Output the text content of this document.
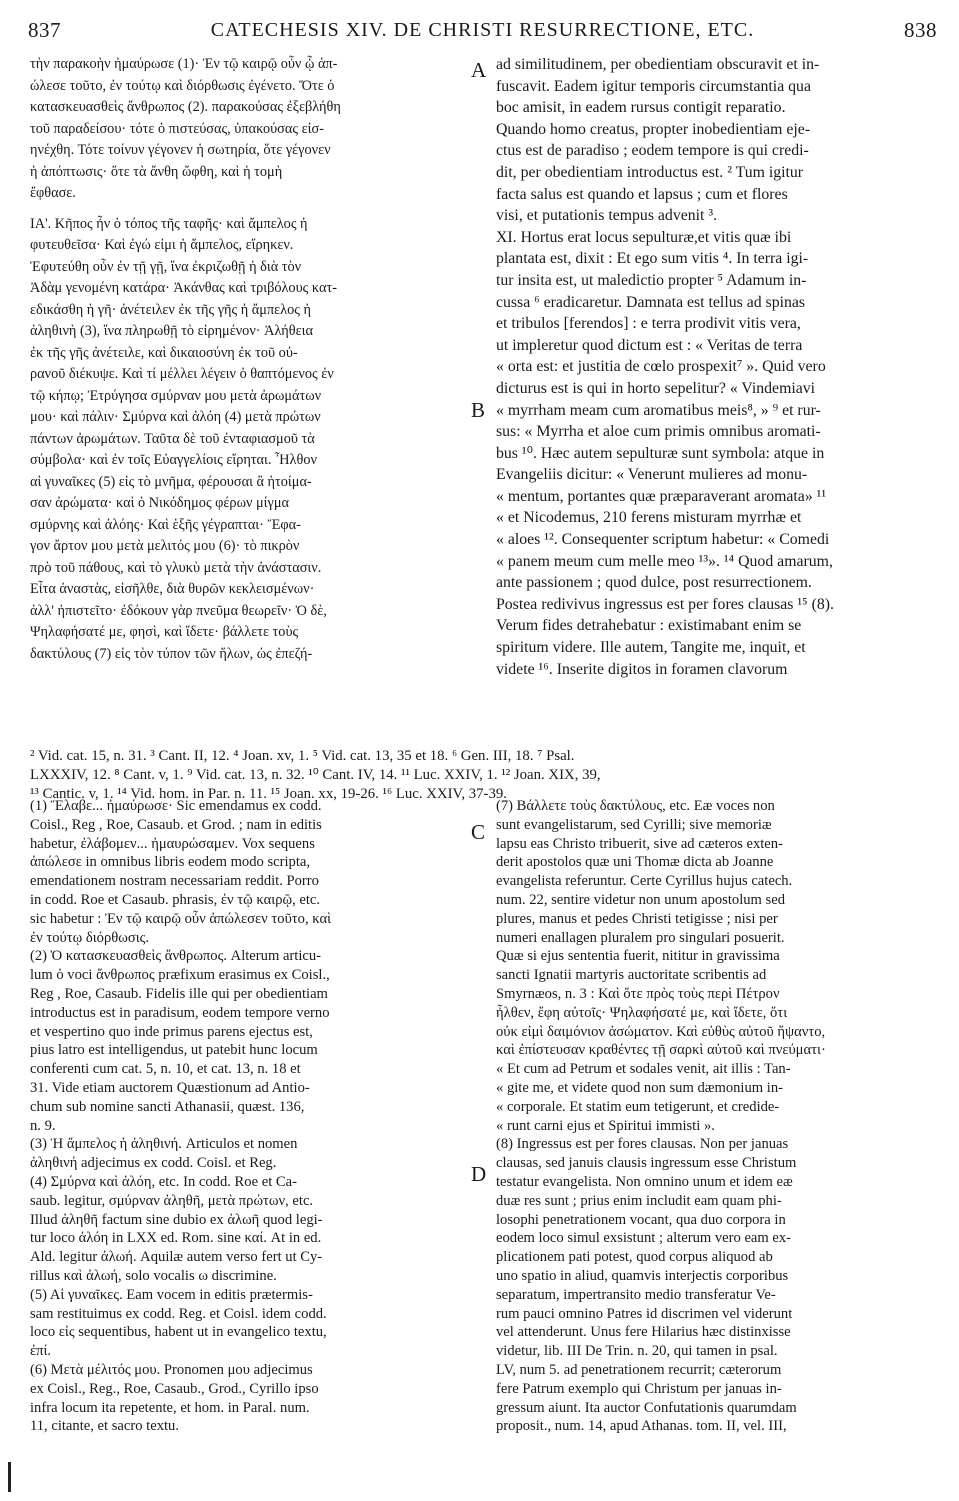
837	CATECHESIS XIV. DE CHRISTI RESURRECTIONE, ETC.	838
A
B
C
D
τὴν παρακοὴν ἠμαύρωσε (1)· Ἐν τῷ καιρῷ οὖν ᾧ ἀπ-
ώλεσε τοῦτο, ἐν τούτῳ καὶ διόρθωσις ἐγένετο. Ὅτε ὁ
κατασκευασθεὶς ἄνθρωπος (2). παρακούσας ἐξεβλήθη
τοῦ παραδείσου· τότε ὁ πιστεύσας, ὑπακούσας εἰσ-
ηνέχθη. Τότε τοίνυν γέγονεν ἡ σωτηρία, ὅτε γέγονεν
ἡ ἀπόπτωσις· ὅτε τὰ ἄνθη ὤφθη, καὶ ἡ τομὴ
ἔφθασε.
ΙΑ'. Κῆπος ἦν ὁ τόπος τῆς ταφῆς· καὶ ἄμπελος ἡ
φυτευθεῖσα· Καὶ ἐγώ εἰμι ἡ ἄμπελος, εἴρηκεν.
Ἐφυτεύθη οὖν ἐν τῇ γῇ, ἵνα ἐκριζωθῇ ἡ διὰ τὸν
Ἀδὰμ γενομένη κατάρα· Ἀκάνθας καὶ τριβόλους κατ-
εδικάσθη ἡ γῆ· ἀνέτειλεν ἐκ τῆς γῆς ἡ ἄμπελος ἡ
ἀληθινὴ (3), ἵνα πληρωθῇ τὸ εἰρημένον· Ἀλήθεια
ἐκ τῆς γῆς ἀνέτειλε, καὶ δικαιοσύνη ἐκ τοῦ οὐ-
ρανοῦ διέκυψε. Καὶ τί μέλλει λέγειν ὁ θαπτόμενος ἐν
τῷ κήπῳ; Ἐτρύγησα σμύρναν μου μετὰ ἀρωμάτων
μου· καὶ πάλιν· Σμύρνα καὶ ἀλόη (4) μετὰ πρώτων
πάντων ἀρωμάτων. Ταῦτα δὲ τοῦ ἐνταφιασμοῦ τὰ
σύμβολα· καὶ ἐν τοῖς Εὐαγγελίοις εἴρηται. Ἦλθον
αἱ γυναῖκες (5) εἰς τὸ μνῆμα, φέρουσαι ἃ ἡτοίμα-
σαν ἀρώματα· καὶ ὁ Νικόδημος φέρων μίγμα
σμύρνης καὶ ἀλόης· Καὶ ἑξῆς γέγραπται· Ἔφα-
γον ἄρτον μου μετὰ μελιτός μου (6)· τὸ πικρὸν
πρὸ τοῦ πάθους, καὶ τὸ γλυκὺ μετὰ τὴν ἀνάστασιν.
Εἶτα ἀναστὰς, εἰσῆλθε, διὰ θυρῶν κεκλεισμένων·
ἀλλ' ἠπιστεῖτο· ἐδόκουν γὰρ πνεῦμα θεωρεῖν· Ὁ δὲ,
Ψηλαφήσατέ με, φησὶ, καὶ ἴδετε· βάλλετε τοὺς
δακτύλους (7) εἰς τὸν τύπον τῶν ἥλων, ὡς ἐπεζή-
ad similitudinem, per obedientiam obscuravit et in-
fuscavit. Eadem igitur temporis circumstantia qua
boc amisit, in eadem rursus contigit reparatio.
Quando homo creatus, propter inobedientiam eje-
ctus est de paradiso ; eodem tempore is qui credi-
dit, per obedientiam introductus est. ² Tum igitur
facta salus est quando et lapsus ; cum et flores
visi, et putationis tempus advenit ³.
XI. Hortus erat locus sepulturæ,et vitis quæ ibi
plantata est, dixit : Et ego sum vitis ⁴. In terra igi-
tur insita est, ut maledictio propter ⁵ Adamum in-
cussa ⁶ eradicaretur. Damnata est tellus ad spinas
et tribulos [ferendos] : e terra prodivit vitis vera,
ut impleretur quod dictum est : « Veritas de terra
« orta est: et justitia de cœlo prospexit⁷ ». Quid vero
dicturus est is qui in horto sepelitur? « Vindemiavi
« myrrham meam cum aromatibus meis⁸, » ⁹ et rur-
sus: « Myrrha et aloe cum primis omnibus aromati-
bus ¹⁰. Hæc autem sepulturæ sunt symbola: atque in
Evangeliis dicitur: « Venerunt mulieres ad monu-
« mentum, portantes quæ præparaverant aromata» ¹¹
« et Nicodemus, 210 ferens misturam myrrhæ et
« aloes ¹². Consequenter scriptum habetur: « Comedi
« panem meum cum melle meo ¹³». ¹⁴ Quod amarum,
ante passionem ; quod dulce, post resurrectionem.
Postea redivivus ingressus est per fores clausas ¹⁵ (8).
Verum fides detrahebatur : existimabant enim se
spiritum videre. Ille autem, Tangite me, inquit, et
videte ¹⁶. Inserite digitos in foramen clavorum
² Vid. cat. 15, n. 31. ³ Cant. II, 12. ⁴ Joan. xv, 1. ⁵ Vid. cat. 13, 35 et 18. ⁶ Gen. III, 18. ⁷ Psal.
LXXXIV, 12. ⁸ Cant. v, 1. ⁹ Vid. cat. 13, n. 32. ¹⁰ Cant. IV, 14. ¹¹ Luc. XXIV, 1. ¹² Joan. XIX, 39,
¹³ Cantic. v, 1. ¹⁴ Vid. hom. in Par. n. 11. ¹⁵ Joan. xx, 19-26. ¹⁶ Luc. XXIV, 37-39.
(1) Ἔλαβε... ἠμαύρωσε· Sic emendamus ex codd.
Coisl., Reg , Roe, Casaub. et Grod. ; nam in editis
habetur, ἐλάβομεν... ἠμαυρώσαμεν. Vox sequens
ἀπώλεσε in omnibus libris eodem modo scripta,
emendationem nostram necessariam reddit. Porro
in codd. Roe et Casaub. phrasis, ἐν τῷ καιρῷ, etc.
sic habetur : Ἐν τῷ καιρῷ οὖν ἀπώλεσεν τοῦτο, καὶ
ἐν τούτῳ διόρθωσις.
(2) Ὁ κατασκευασθεὶς ἄνθρωπος. Alterum articu-
lum ὁ voci ἄνθρωπος præfixum erasimus ex Coisl.,
Reg , Roe, Casaub. Fidelis ille qui per obedientiam
introductus est in paradisum, eodem tempore verno
et vespertino quo inde primus parens ejectus est,
pius latro est intelligendus, ut patebit hunc locum
conferenti cum cat. 5, n. 10, et cat. 13, n. 18 et
31. Vide etiam auctorem Quæstionum ad Antio-
chum sub nomine sancti Athanasii, quæst. 136,
n. 9.
(3) Ἡ ἄμπελος ἡ ἀληθινή. Articulos et nomen
ἀληθινή adjecimus ex codd. Coisl. et Reg.
(4) Σμύρνα καὶ ἀλόη, etc. In codd. Roe et Ca-
saub. legitur, σμύρναν ἀληθῆ, μετὰ πρώτων, etc.
Illud ἀληθῆ factum sine dubio ex ἀλωῆ quod legi-
tur loco ἀλόη in LXX ed. Rom. sine καί. At in ed.
Ald. legitur ἀλωή. Aquilæ autem verso fert ut Cy-
rillus καὶ ἀλωή, solo vocalis ω discrimine.
(5) Αἱ γυναῖκες. Eam vocem in editis prætermis-
sam restituimus ex codd. Reg. et Coisl. idem codd.
loco εἰς sequentibus, habent ut in evangelico textu,
ἐπί.
(6) Μετὰ μέλιτός μου. Pronomen μου adjecimus
ex Coisl., Reg., Roe, Casaub., Grod., Cyrillo ipso
infra locum ita repetente, et hom. in Paral. num.
11, citante, et sacro textu.
(7) Βάλλετε τοὺς δακτύλους, etc. Eæ voces non
sunt evangelistarum, sed Cyrilli; sive memoriæ
lapsu eas Christo tribuerit, sive ad cæteros exten-
derit apostolos quæ uni Thomæ dicta ab Joanne
evangelista referuntur. Certe Cyrillus hujus catech.
num. 22, sentire videtur non unum apostolum sed
plures, manus et pedes Christi tetigisse ; nisi per
numeri enallagen pluralem pro singulari posuerit.
Quæ si ejus sententia fuerit, nititur in gravissima
sancti Ignatii martyris auctoritate scribentis ad
Smyrnæos, n. 3 : Καὶ ὅτε πρὸς τοὺς περὶ Πέτρον
ἦλθεν, ἔφη αὐτοῖς· Ψηλαφήσατέ με, καὶ ἴδετε, ὅτι
οὐκ εἰμὶ δαιμόνιον ἀσώματον. Καὶ εὐθὺς αὐτοῦ ἥψαντο,
καὶ ἐπίστευσαν κραθέντες τῇ σαρκὶ αὐτοῦ καὶ πνεύματι·
« Et cum ad Petrum et sodales venit, ait illis : Tan-
« gite me, et videte quod non sum dæmonium in-
« corporale. Et statim eum tetigerunt, et credide-
« runt carni ejus et Spiritui immisti ».
(8) Ingressus est per fores clausas. Non per januas
clausas, sed januis clausis ingressum esse Christum
testatur evangelista. Non omnino unum et idem eæ
duæ res sunt ; prius enim includit eam quam phi-
losophi penetrationem vocant, qua duo corpora in
eodem loco simul exsistunt ; alterum vero eam ex-
plicationem pati potest, quod corpus aliquod ab
uno spatio in aliud, quamvis interjectis corporibus
separatum, impertransito medio transferatur Ve-
rum pauci omnino Patres id discrimen vel viderunt
vel attenderunt. Unus fere Hilarius hæc distinxisse
videtur, lib. III De Trin. n. 20, qui tamen in psal.
LV, num 5. ad penetrationem recurrit; cæterorum
fere Patrum exemplo qui Christum per januas in-
gressum aiunt. Ita auctor Confutationis quarumdam
proposit., num. 14, apud Athanas. tom. II, vel. III,
